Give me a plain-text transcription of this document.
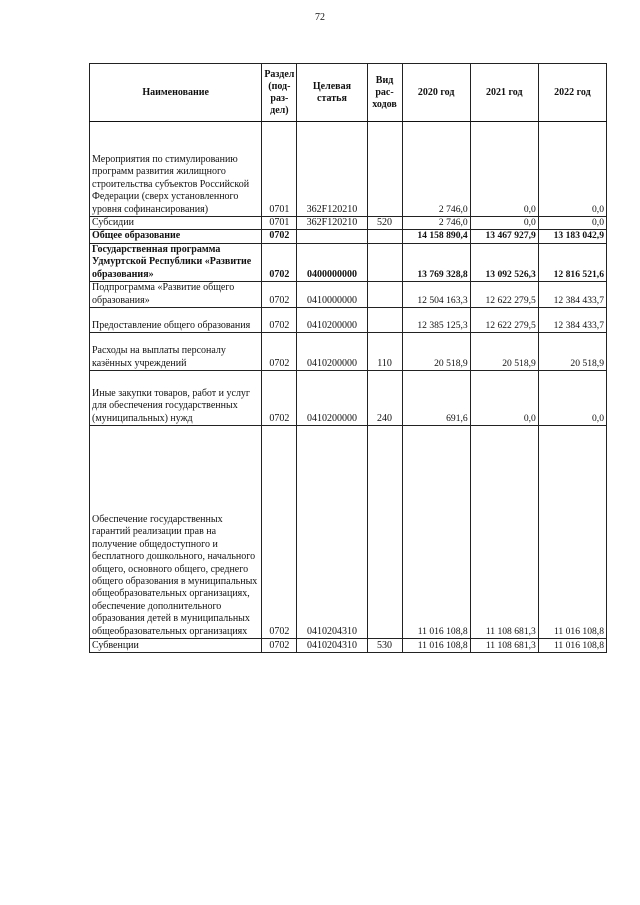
72
Наименование	Раздел (под-раз-дел)	Целевая статья	Вид рас-ходов	2020 год	2021 год	2022 год
Мероприятия по стимулированию программ развития жилищного строительства субъектов Российской Федерации (сверх установленного уровня софинансирования)	0701	362F120210		2 746,0	0,0	0,0
Субсидии	0701	362F120210	520	2 746,0	0,0	0,0
Общее образование	0702			14 158 890,4	13 467 927,9	13 183 042,9
Государственная программа Удмуртской Республики «Развитие образования»	0702	0400000000		13 769 328,8	13 092 526,3	12 816 521,6
Подпрограмма «Развитие общего образования»	0702	0410000000		12 504 163,3	12 622 279,5	12 384 433,7
Предоставление общего образования	0702	0410200000		12 385 125,3	12 622 279,5	12 384 433,7
Расходы на выплаты персоналу казённых учреждений	0702	0410200000	110	20 518,9	20 518,9	20 518,9
Иные закупки товаров, работ и услуг для обеспечения государственных (муниципальных) нужд	0702	0410200000	240	691,6	0,0	0,0
Обеспечение государственных гарантий реализации прав на получение общедоступного и бесплатного дошкольного, начального общего, основного общего, среднего общего образования в муниципальных общеобразовательных организациях, обеспечение дополнительного образования детей в муниципальных общеобразовательных организациях	0702	0410204310		11 016 108,8	11 108 681,3	11 016 108,8
Субвенции	0702	0410204310	530	11 016 108,8	11 108 681,3	11 016 108,8
